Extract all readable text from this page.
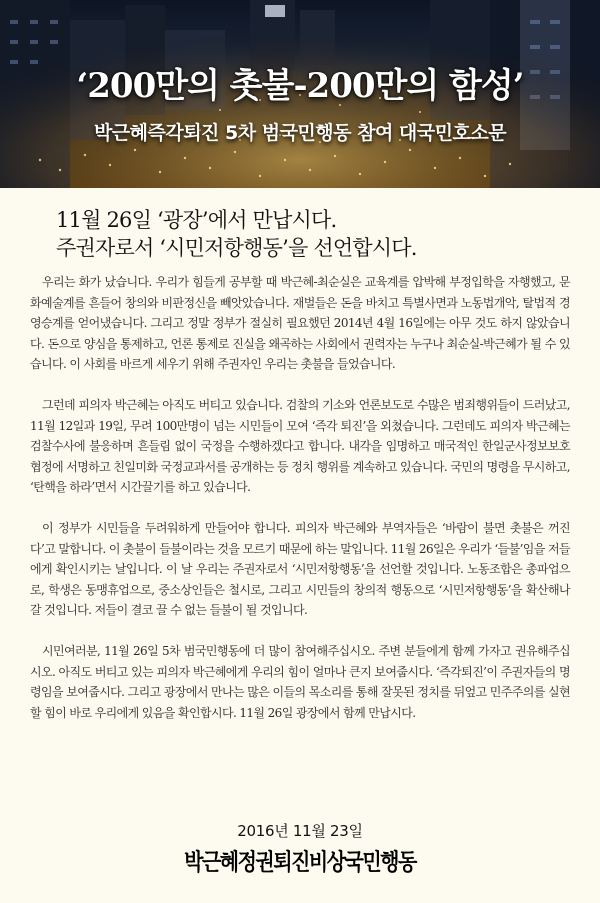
‘200만의 촛불-200만의 함성’
박근혜즉각퇴진 5차 범국민행동 참여 대국민호소문
11월 26일 ‘광장’에서 만납시다.
주권자로서 ‘시민저항행동’을 선언합시다.

우리는 화가 났습니다. 우리가 힘들게 공부할 때 박근혜-최순실은 교육계를 압박해 부정입학을 자행했고, 문화예술계를 흔들어 창의와 비판정신을 빼앗았습니다. 재벌들은 돈을 바치고 특별사면과 노동법개악, 탈법적 경영승계를 얻어냈습니다. 그리고 정말 정부가 절실히 필요했던 2014년 4월 16일에는 아무 것도 하지 않았습니다. 돈으로 양심을 통제하고, 언론 통제로 진실을 왜곡하는 사회에서 권력자는 누구나 최순실-박근혜가 될 수 있습니다. 이 사회를 바르게 세우기 위해 주권자인 우리는 촛불을 들었습니다.

그런데 피의자 박근혜는 아직도 버티고 있습니다. 검찰의 기소와 언론보도로 수많은 범죄행위들이 드러났고, 11월 12일과 19일, 무려 100만명이 넘는 시민들이 모여 ‘즉각 퇴진’을 외쳤습니다. 그런데도 피의자 박근혜는 검찰수사에 불응하며 흔들림 없이 국정을 수행하겠다고 합니다. 내각을 임명하고 매국적인 한일군사정보보호협정에 서명하고 친일미화 국정교과서를 공개하는 등 정치 행위를 계속하고 있습니다. 국민의 명령을 무시하고, ‘탄핵을 하라’면서 시간끌기를 하고 있습니다.

이 정부가 시민들을 두려워하게 만들어야 합니다. 피의자 박근혜와 부역자들은 ‘바람이 불면 촛불은 꺼진다’고 말합니다. 이 촛불이 들불이라는 것을 모르기 때문에 하는 말입니다. 11월 26일은 우리가 ‘들불’임을 저들에게 확인시키는 날입니다. 이 날 우리는 주권자로서 ‘시민저항행동’을 선언할 것입니다. 노동조합은 총파업으로, 학생은 동맹휴업으로, 중소상인들은 철시로, 그리고 시민들의 창의적 행동으로 ‘시민저항행동’을 확산해나갈 것입니다. 저들이 결코 끌 수 없는 들불이 될 것입니다.

시민여러분, 11월 26일 5차 범국민행동에 더 많이 참여해주십시오. 주변 분들에게 함께 가자고 권유해주십시오. 아직도 버티고 있는 피의자 박근혜에게 우리의 힘이 얼마나 큰지 보여줍시다. ‘즉각퇴진’이 주권자들의 명령임을 보여줍시다. 그리고 광장에서 만나는 많은 이들의 목소리를 통해 잘못된 정치를 뒤엎고 민주주의를 실현할 힘이 바로 우리에게 있음을 확인합시다. 11월 26일 광장에서 함께 만납시다.

2016년 11월 23일
박근혜정권퇴진비상국민행동
